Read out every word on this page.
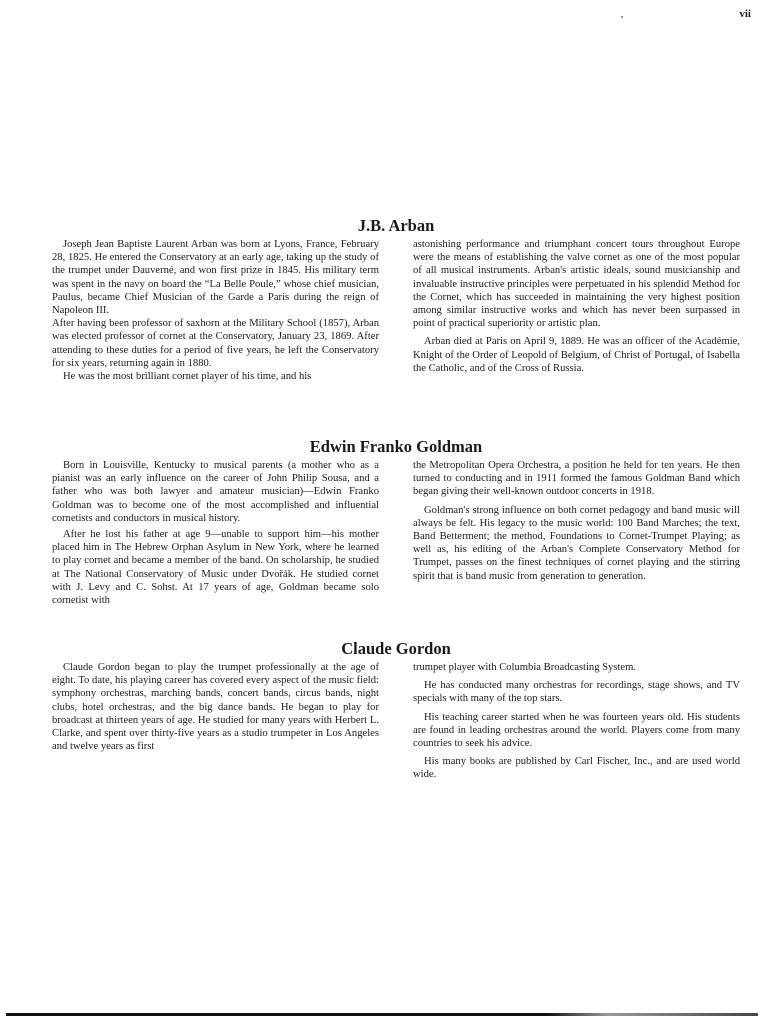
vii
J.B. Arban

Joseph Jean Baptiste Laurent Arban was born at Lyons, France, February 28, 1825. He entered the Conservatory at an early age, taking up the study of the trumpet under Dauverné, and won first prize in 1845. His military term was spent in the navy on board the “La Belle Poule,” whose chief musician, Paulus, became Chief Musician of the Garde a Paris during the reign of Napoleon III.

After having been professor of saxhorn at the Military School (1857), Arban was elected professor of cornet at the Conservatory, January 23, 1869. After attending to these duties for a period of five years, he left the Conservatory for six years, returning again in 1880.

He was the most brilliant cornet player of his time, and his

astonishing performance and triumphant concert tours throughout Europe were the means of establishing the valve cornet as one of the most popular of all musical instruments. Arban's artistic ideals, sound musicianship and invaluable instructive principles were perpetuated in his splendid Method for the Cornet, which has succeeded in maintaining the very highest position among similar instructive works and which has never been surpassed in point of practical superiority or artistic plan.

Arban died at Paris on April 9, 1889. He was an officer of the Académie, Knight of the Order of Leopold of Belgium, of Christ of Portugal, of Isabella the Catholic, and of the Cross of Russia.

Edwin Franko Goldman

Born in Louisville, Kentucky to musical parents (a mother who as a pianist was an early influence on the career of John Philip Sousa, and a father who was both lawyer and amateur musician)—Edwin Franko Goldman was to become one of the most accomplished and influential cornetists and conductors in musical history.

After he lost his father at age 9—unable to support him—his mother placed him in The Hebrew Orphan Asylum in New York, where he learned to play cornet and became a member of the band. On scholarship, he studied at The National Conservatory of Music under Dvořák. He studied cornet with J. Levy and C. Sohst. At 17 years of age, Goldman became solo cornetist with

the Metropolitan Opera Orchestra, a position he held for ten years. He then turned to conducting and in 1911 formed the famous Goldman Band which began giving their well-known outdoor concerts in 1918.

Goldman's strong influence on both cornet pedagogy and band music will always be felt. His legacy to the music world: 100 Band Marches; the text, Band Betterment; the method, Foundations to Cornet-Trumpet Playing; as well as, his editing of the Arban's Complete Conservatory Method for Trumpet, passes on the finest techniques of cornet playing and the stirring spirit that is band music from generation to generation.

Claude Gordon

Claude Gordon began to play the trumpet professionally at the age of eight. To date, his playing career has covered every aspect of the music field: symphony orchestras, marching bands, concert bands, circus bands, night clubs, hotel orchestras, and the big dance bands. He began to play for broadcast at thirteen years of age. He studied for many years with Herbert L. Clarke, and spent over thirty-five years as a studio trumpeter in Los Angeles and twelve years as first

trumpet player with Columbia Broadcasting System.

He has conducted many orchestras for recordings, stage shows, and TV specials with many of the top stars.

His teaching career started when he was fourteen years old. His students are found in leading orchestras around the world. Players come from many countries to seek his advice.

His many books are published by Carl Fischer, Inc., and are used world wide.
